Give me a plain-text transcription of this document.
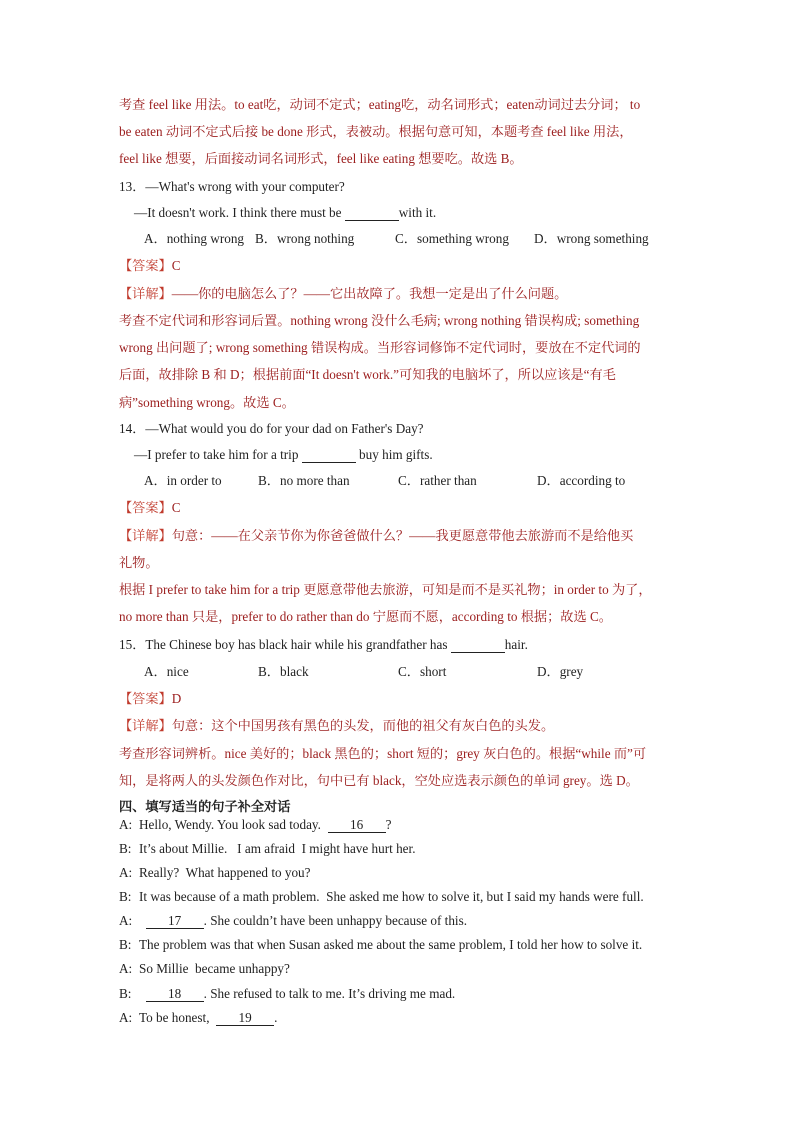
考查 feel like 用法。to eat吃，动词不定式；eating吃，动名词形式；eaten动词过去分词； to
be eaten 动词不定式后接 be done 形式，表被动。根据句意可知，本题考查 feel like 用法，
feel like 想要，后面接动词名词形式，feel like eating 想要吃。故选 B。
13．—What's wrong with your computer?
—It doesn't work. I think there must be	with it.
A．nothing wrong B．wrong nothing	C．something wrong D．wrong something
【答案】C
【详解】——你的电脑怎么了？——它出故障了。我想一定是出了什么问题。
考查不定代词和形容词后置。nothing wrong 没什么毛病; wrong nothing 错误构成; something
wrong 出问题了; wrong something 错误构成。当形容词修饰不定代词时，要放在不定代词的
后面，故排除 B 和 D；根据前面“It doesn't work.”可知我的电脑坏了，所以应该是“有毛
病”something wrong。故选 C。
14．—What would you do for your dad on Father's Day?
—I prefer to take him for a trip	buy him gifts.
A．in order to	B．no more than	C．rather than	D．according to
【答案】C
【详解】句意：——在父亲节你为你爸爸做什么？——我更愿意带他去旅游而不是给他买
礼物。
根据 I prefer to take him for a trip 更愿意带他去旅游，可知是而不是买礼物；in order to 为了，
no more than 只是，prefer to do rather than do 宁愿而不愿，according to 根据；故选 C。
15．The Chinese boy has black hair while his grandfather has	hair.
A．nice	B．black	C．short	D．grey
【答案】D
【详解】句意：这个中国男孩有黑色的头发，而他的祖父有灰白色的头发。
考查形容词辨析。nice 美好的；black 黑色的；short 短的；grey 灰白色的。根据“while 而”可
知，是将两人的头发颜色作对比，句中已有 black，空处应选表示颜色的单词 grey。选 D。
四、填写适当的句子补全对话
A: Hello, Wendy. You look sad today.  16 ?
B: It’s about Millie.   I am afraid  I might have hurt her.
A: Really?  What happened to you?
B: It was because of a math problem.  She asked me how to solve it, but I said my hands were full.
A:	17 . She couldn’t have been unhappy because of this.
B: The problem was that when Susan asked me about the same problem, I told her how to solve it.
A: So Millie  became unhappy?
B:	18 . She refused to talk to me. It’s driving me mad.
A: To be honest,  19 .
